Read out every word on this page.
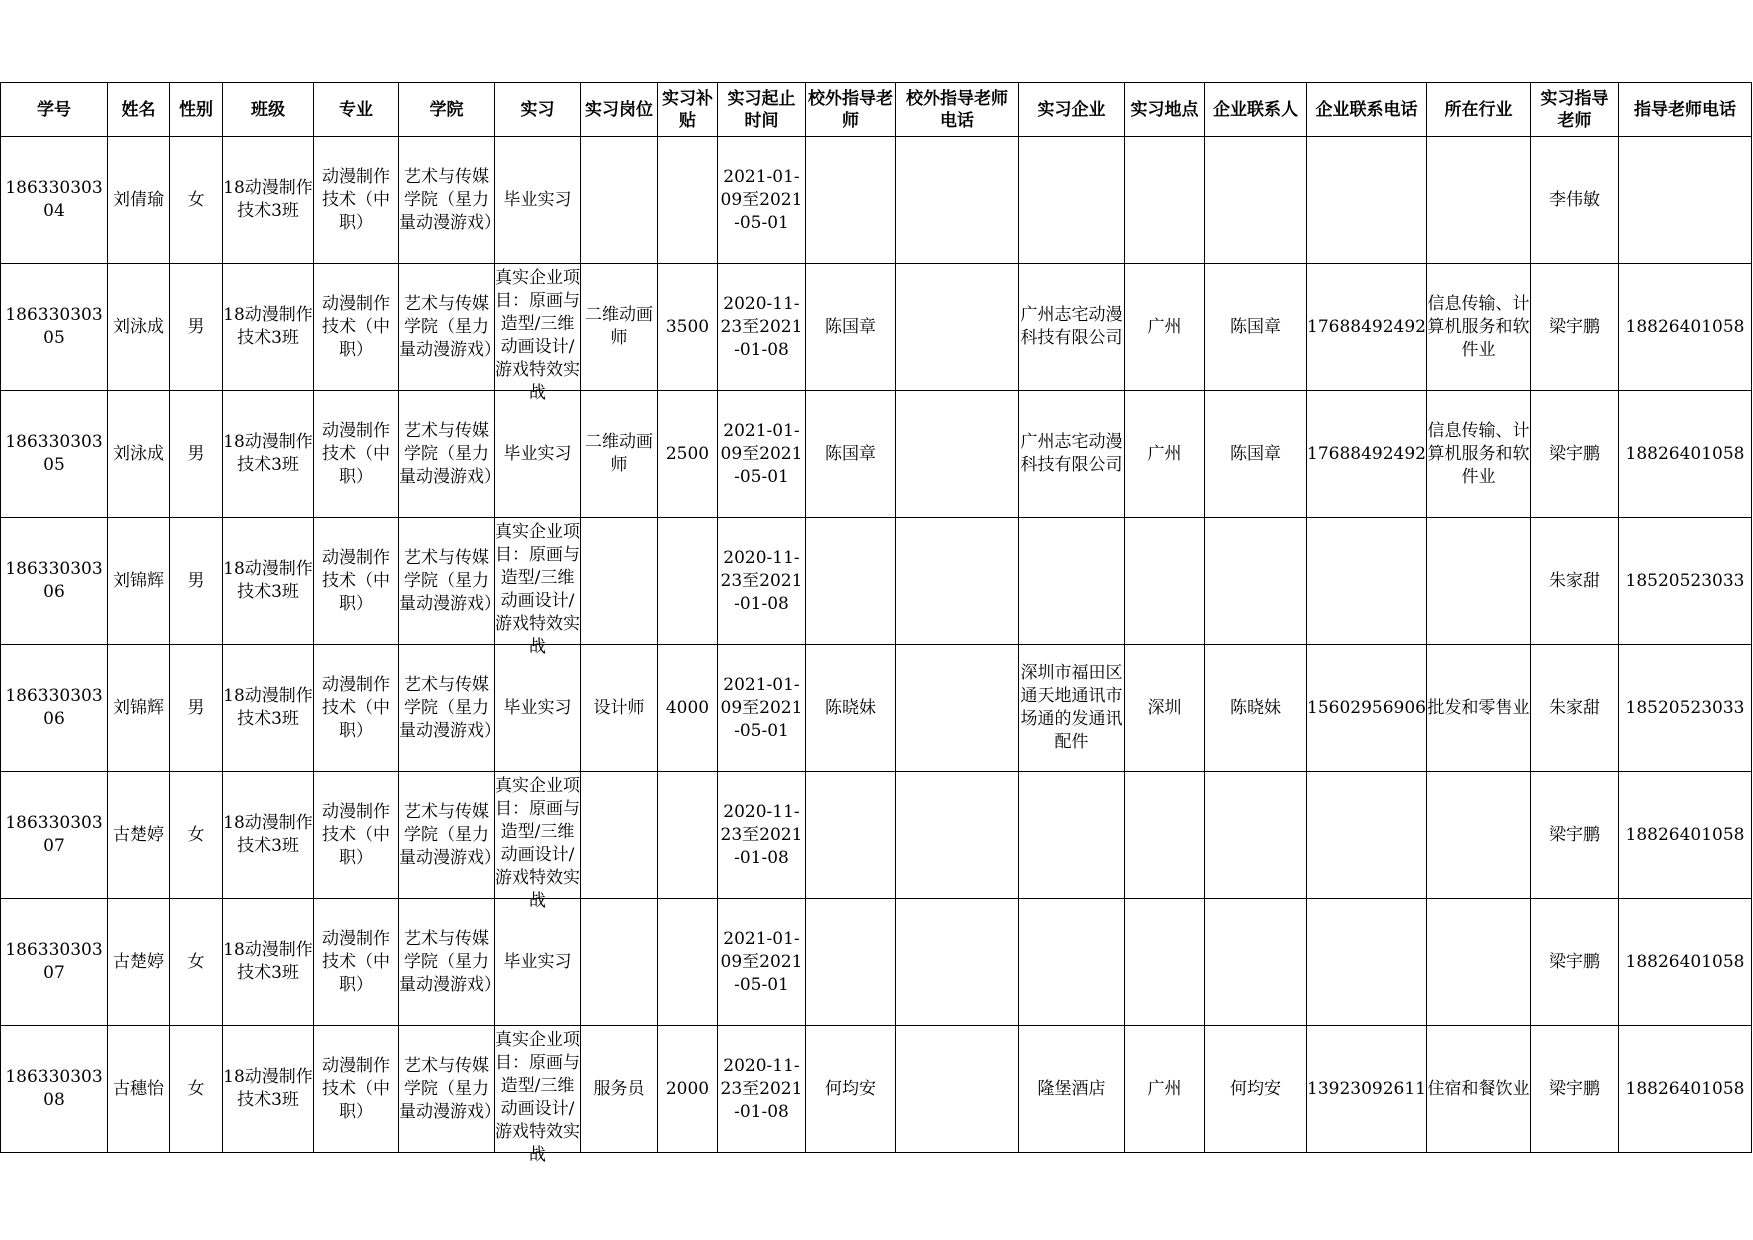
学号	姓名	性别	班级	专业	学院	实习	实习岗位	实习补贴	实习起止时间	校外指导老师	校外指导老师电话	实习企业	实习地点	企业联系人	企业联系电话	所在行业	实习指导老师	指导老师电话

18633030304	刘倩瑜	女	18动漫制作技术3班	动漫制作技术（中职）	艺术与传媒学院（星力量动漫游戏）	毕业实习			2021-01-09至2021-05-01								李伟敏	

18633030305	刘泳成	男	18动漫制作技术3班	动漫制作技术（中职）	艺术与传媒学院（星力量动漫游戏）	真实企业项目：原画与造型/三维动画设计/游戏特效实战	二维动画师	3500	2020-11-23至2021-01-08	陈国章		广州志宅动漫科技有限公司	广州	陈国章	17688492492	信息传输、计算机服务和软件业	梁宇鹏	18826401058

18633030305	刘泳成	男	18动漫制作技术3班	动漫制作技术（中职）	艺术与传媒学院（星力量动漫游戏）	毕业实习	二维动画师	2500	2021-01-09至2021-05-01	陈国章		广州志宅动漫科技有限公司	广州	陈国章	17688492492	信息传输、计算机服务和软件业	梁宇鹏	18826401058

18633030306	刘锦辉	男	18动漫制作技术3班	动漫制作技术（中职）	艺术与传媒学院（星力量动漫游戏）	真实企业项目：原画与造型/三维动画设计/游戏特效实战			2020-11-23至2021-01-08								朱家甜	18520523033

18633030306	刘锦辉	男	18动漫制作技术3班	动漫制作技术（中职）	艺术与传媒学院（星力量动漫游戏）	毕业实习	设计师	4000	2021-01-09至2021-05-01	陈晓妹		深圳市福田区通天地通讯市场通的发通讯配件	深圳	陈晓妹	15602956906	批发和零售业	朱家甜	18520523033

18633030307	古楚婷	女	18动漫制作技术3班	动漫制作技术（中职）	艺术与传媒学院（星力量动漫游戏）	真实企业项目：原画与造型/三维动画设计/游戏特效实战			2020-11-23至2021-01-08								梁宇鹏	18826401058

18633030307	古楚婷	女	18动漫制作技术3班	动漫制作技术（中职）	艺术与传媒学院（星力量动漫游戏）	毕业实习			2021-01-09至2021-05-01								梁宇鹏	18826401058

18633030308	古穗怡	女	18动漫制作技术3班	动漫制作技术（中职）	艺术与传媒学院（星力量动漫游戏）	真实企业项目：原画与造型/三维动画设计/游戏特效实战	服务员	2000	2020-11-23至2021-01-08	何均安		隆堡酒店	广州	何均安	13923092611	住宿和餐饮业	梁宇鹏	18826401058
